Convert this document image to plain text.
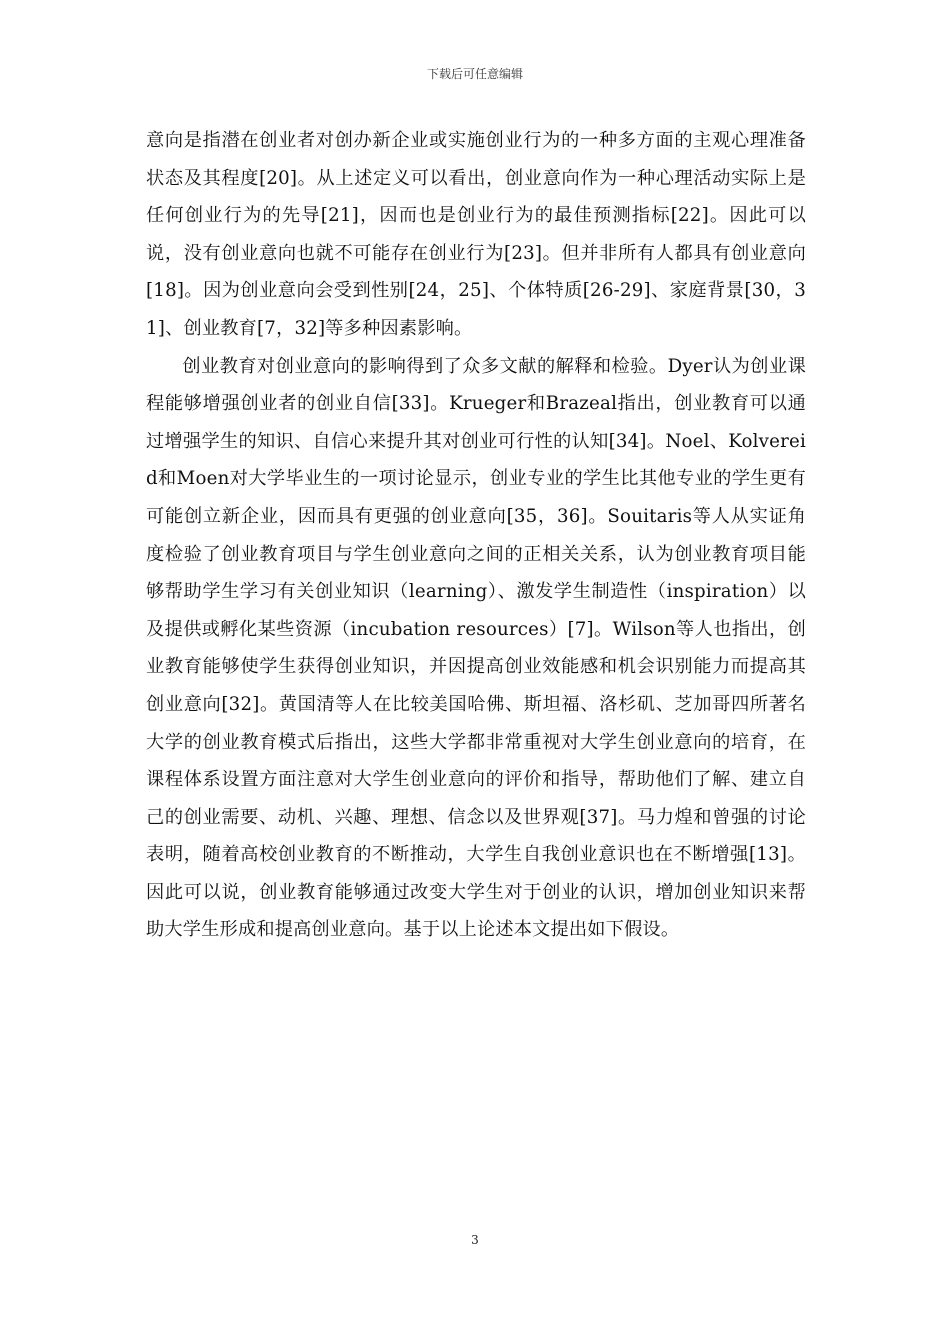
下载后可任意编辑

意向是指潜在创业者对创办新企业或实施创业行为的一种多方面的主观心理准备状态及其程度[20]。从上述定义可以看出，创业意向作为一种心理活动实际上是任何创业行为的先导[21]，因而也是创业行为的最佳预测指标[22]。因此可以说，没有创业意向也就不可能存在创业行为[23]。但并非所有人都具有创业意向[18]。因为创业意向会受到性别[24，25]、个体特质[26-29]、家庭背景[30，31]、创业教育[7，32]等多种因素影响。

创业教育对创业意向的影响得到了众多文献的解释和检验。Dyer认为创业课程能够增强创业者的创业自信[33]。Krueger和Brazeal指出，创业教育可以通过增强学生的知识、自信心来提升其对创业可行性的认知[34]。Noel、Kolvereid和Moen对大学毕业生的一项讨论显示，创业专业的学生比其他专业的学生更有可能创立新企业，因而具有更强的创业意向[35，36]。Souitaris等人从实证角度检验了创业教育项目与学生创业意向之间的正相关关系，认为创业教育项目能够帮助学生学习有关创业知识（learning）、激发学生制造性（inspiration）以及提供或孵化某些资源（incubation resources）[7]。Wilson等人也指出，创业教育能够使学生获得创业知识，并因提高创业效能感和机会识别能力而提高其创业意向[32]。黄国清等人在比较美国哈佛、斯坦福、洛杉矶、芝加哥四所著名大学的创业教育模式后指出，这些大学都非常重视对大学生创业意向的培育，在课程体系设置方面注意对大学生创业意向的评价和指导，帮助他们了解、建立自己的创业需要、动机、兴趣、理想、信念以及世界观[37]。马力煌和曾强的讨论表明，随着高校创业教育的不断推动，大学生自我创业意识也在不断增强[13]。因此可以说，创业教育能够通过改变大学生对于创业的认识，增加创业知识来帮助大学生形成和提高创业意向。基于以上论述本文提出如下假设。

3
